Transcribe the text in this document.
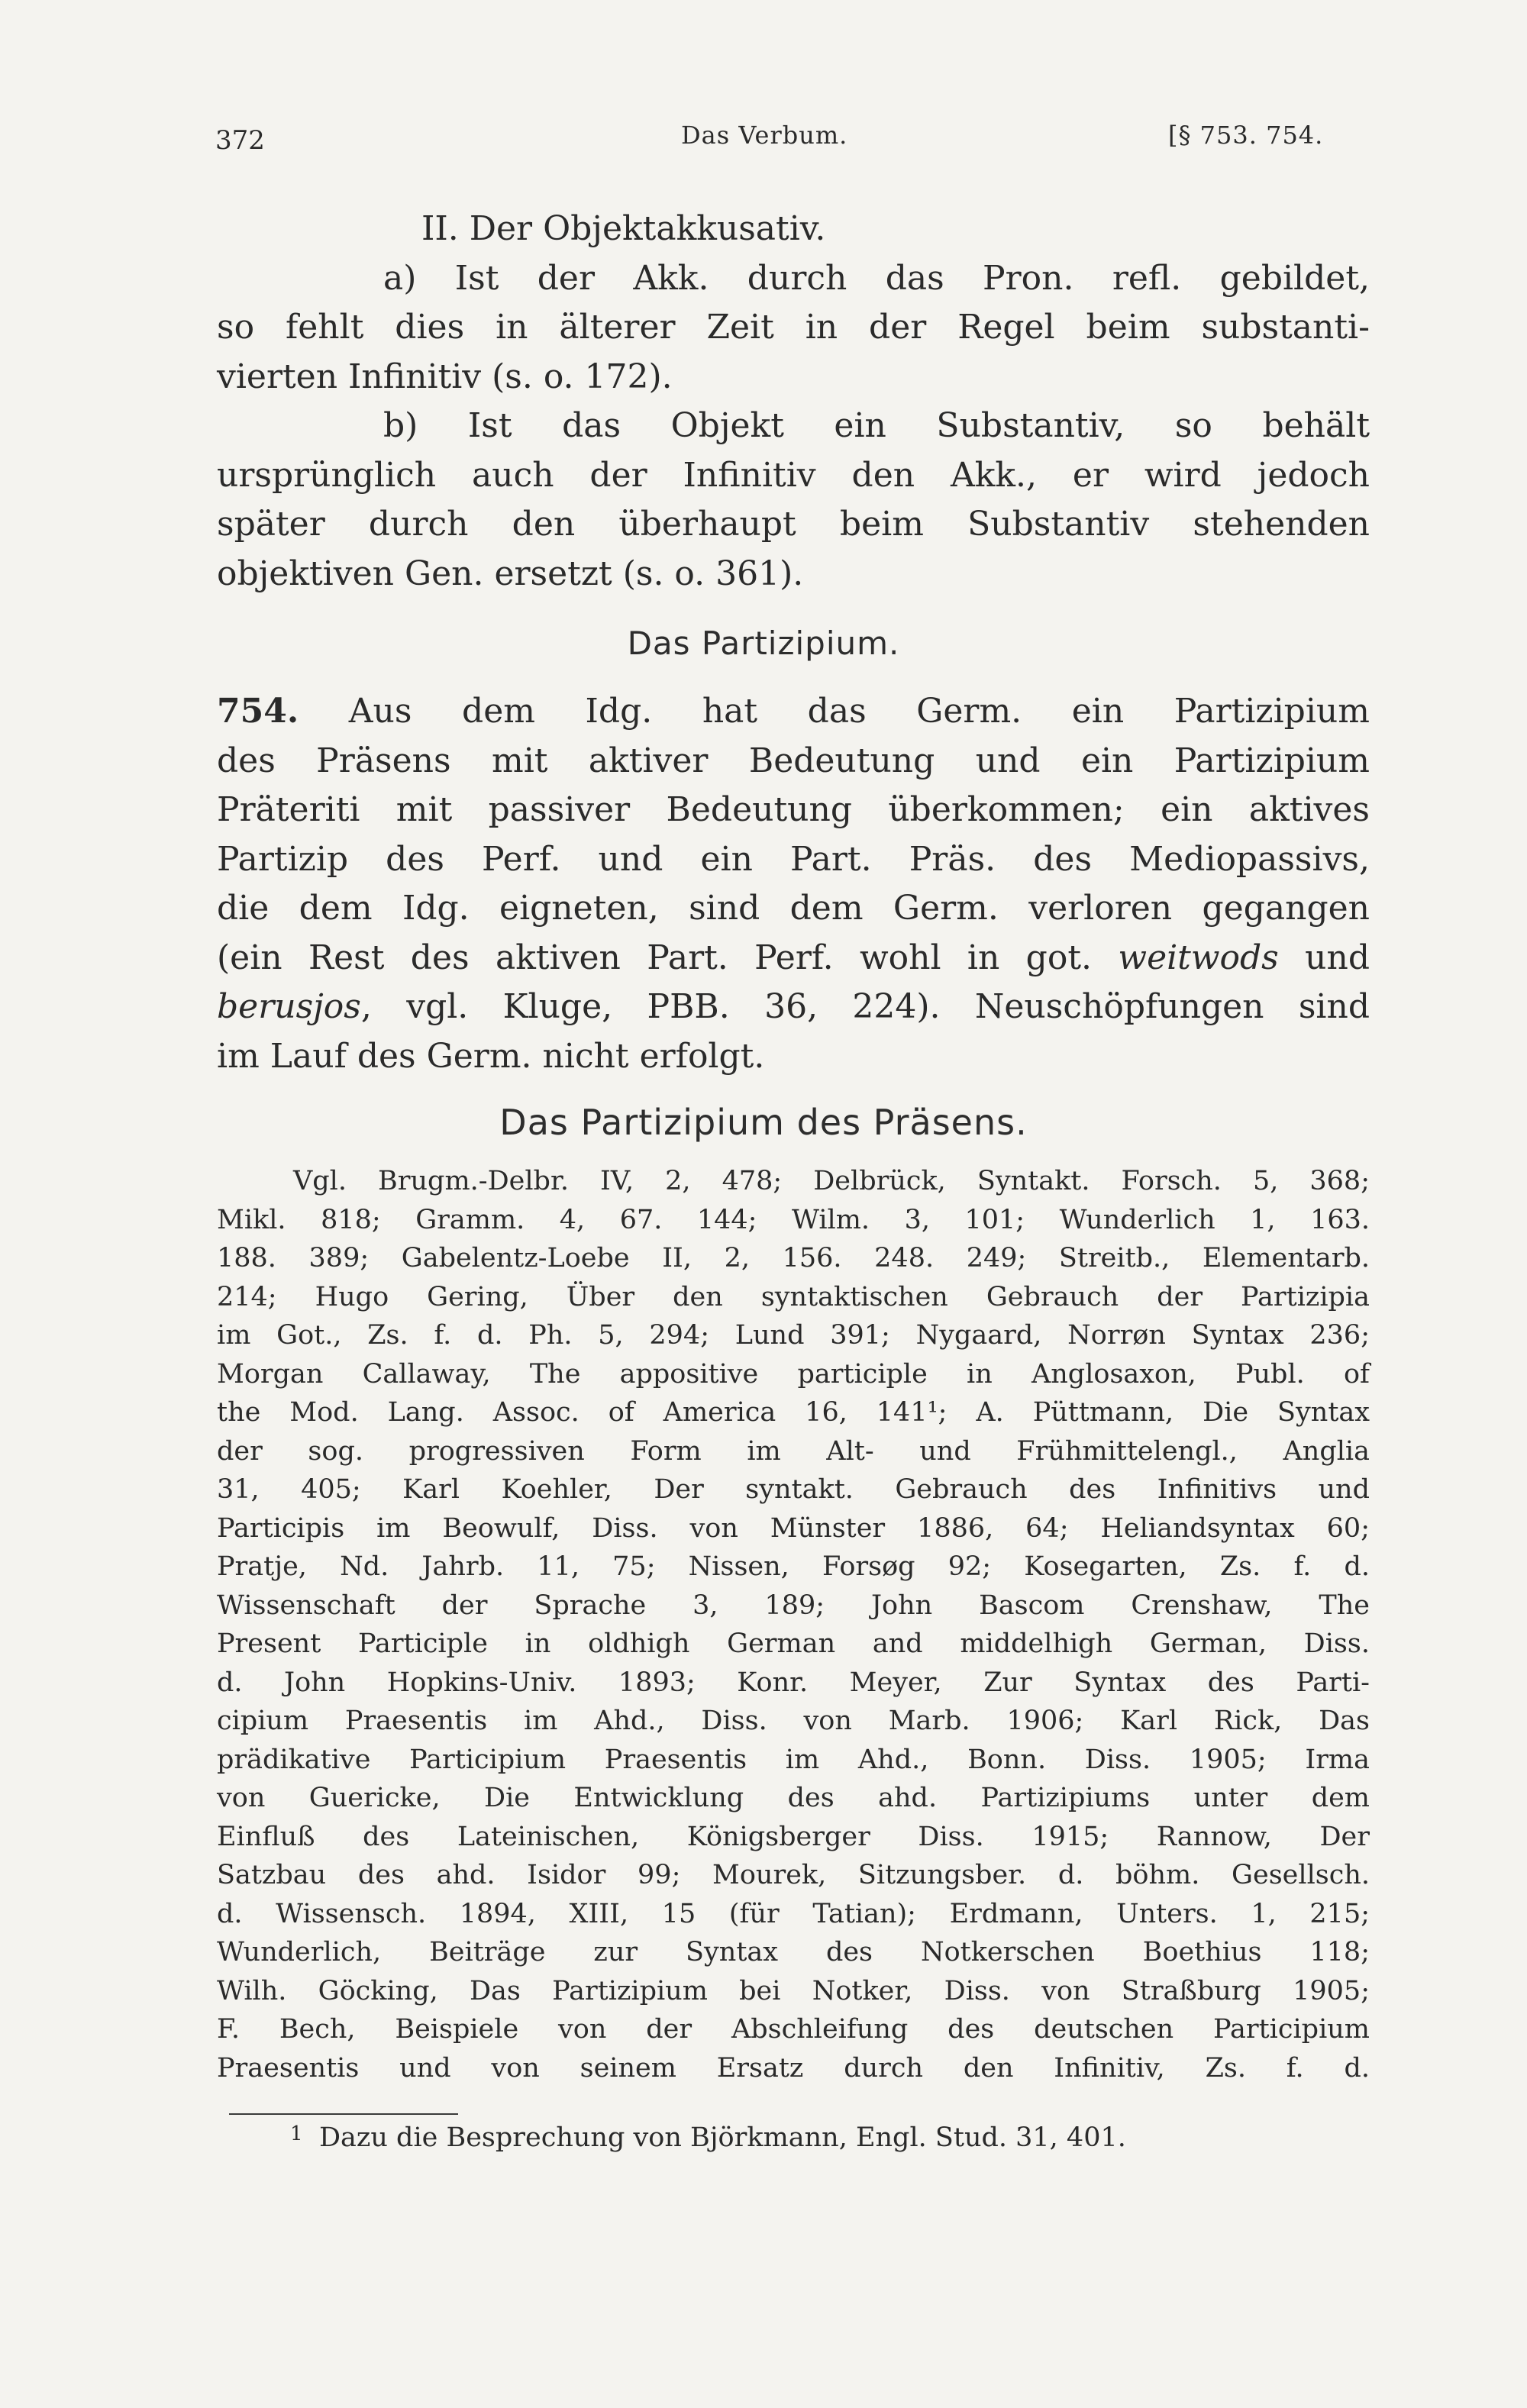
372	Das Verbum.	[§ 753. 754.
II. Der Objektakkusativ.
a) Ist der Akk. durch das Pron. refl. gebildet,
so fehlt dies in älterer Zeit in der Regel beim substanti-
vierten Infinitiv (s. o. 172).
b) Ist das Objekt ein Substantiv, so behält
ursprünglich auch der Infinitiv den Akk., er wird jedoch
später durch den überhaupt beim Substantiv stehenden
objektiven Gen. ersetzt (s. o. 361).
Das Partizipium.
754. Aus dem Idg. hat das Germ. ein Partizipium
des Präsens mit aktiver Bedeutung und ein Partizipium
Präteriti mit passiver Bedeutung überkommen; ein aktives
Partizip des Perf. und ein Part. Präs. des Mediopassivs,
die dem Idg. eigneten, sind dem Germ. verloren gegangen
(ein Rest des aktiven Part. Perf. wohl in got. weitwods und
berusjos, vgl. Kluge, PBB. 36, 224). Neuschöpfungen sind
im Lauf des Germ. nicht erfolgt.
Das Partizipium des Präsens.
Vgl. Brugm.-Delbr. IV, 2, 478; Delbrück, Syntakt. Forsch. 5, 368;
Mikl. 818; Gramm. 4, 67. 144; Wilm. 3, 101; Wunderlich 1, 163.
188. 389; Gabelentz-Loebe II, 2, 156. 248. 249; Streitb., Elementarb.
214; Hugo Gering, Über den syntaktischen Gebrauch der Partizipia
im Got., Zs. f. d. Ph. 5, 294; Lund 391; Nygaard, Norrøn Syntax 236;
Morgan Callaway, The appositive participle in Anglosaxon, Publ. of
the Mod. Lang. Assoc. of America 16, 141¹; A. Püttmann, Die Syntax
der sog. progressiven Form im Alt- und Frühmittelengl., Anglia
31, 405; Karl Koehler, Der syntakt. Gebrauch des Infinitivs und
Participis im Beowulf, Diss. von Münster 1886, 64; Heliandsyntax 60;
Pratje, Nd. Jahrb. 11, 75; Nissen, Forsøg 92; Kosegarten, Zs. f. d.
Wissenschaft der Sprache 3, 189; John Bascom Crenshaw, The
Present Participle in oldhigh German and middelhigh German, Diss.
d. John Hopkins-Univ. 1893; Konr. Meyer, Zur Syntax des Parti-
cipium Praesentis im Ahd., Diss. von Marb. 1906; Karl Rick, Das
prädikative Participium Praesentis im Ahd., Bonn. Diss. 1905; Irma
von Guericke, Die Entwicklung des ahd. Partizipiums unter dem
Einfluß des Lateinischen, Königsberger Diss. 1915; Rannow, Der
Satzbau des ahd. Isidor 99; Mourek, Sitzungsber. d. böhm. Gesellsch.
d. Wissensch. 1894, XIII, 15 (für Tatian); Erdmann, Unters. 1, 215;
Wunderlich, Beiträge zur Syntax des Notkerschen Boethius 118;
Wilh. Göcking, Das Partizipium bei Notker, Diss. von Straßburg 1905;
F. Bech, Beispiele von der Abschleifung des deutschen Participium
Praesentis und von seinem Ersatz durch den Infinitiv, Zs. f. d.
1 Dazu die Besprechung von Björkmann, Engl. Stud. 31, 401.
